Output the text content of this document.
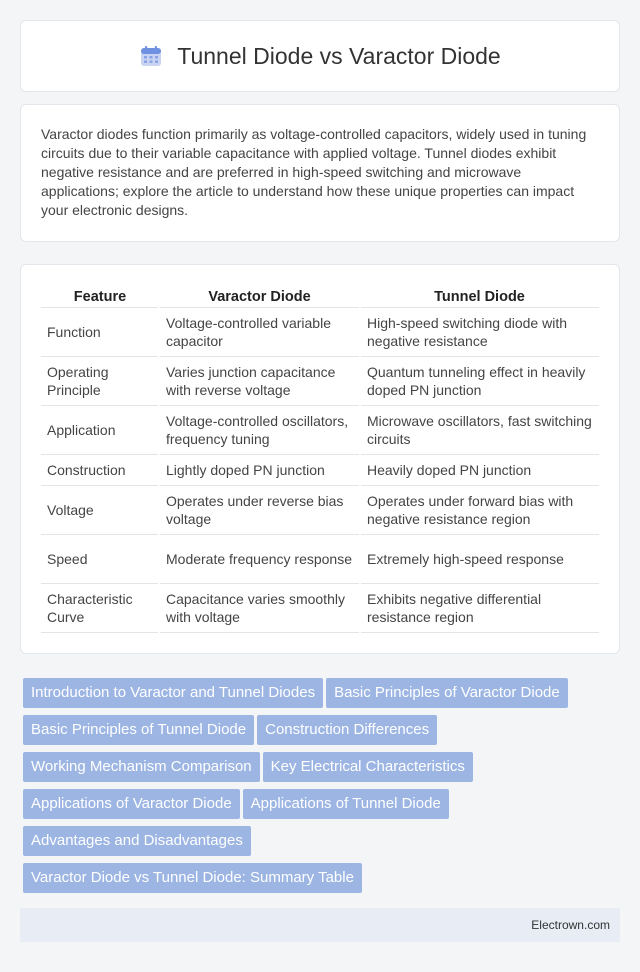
Tunnel Diode vs Varactor Diode

Varactor diodes function primarily as voltage-controlled capacitors, widely used in tuning circuits due to their variable capacitance with applied voltage. Tunnel diodes exhibit negative resistance and are preferred in high-speed switching and microwave applications; explore the article to understand how these unique properties can impact your electronic designs.

Feature	Varactor Diode	Tunnel Diode
Function	Voltage-controlled variable capacitor	High-speed switching diode with negative resistance
Operating Principle	Varies junction capacitance with reverse voltage	Quantum tunneling effect in heavily doped PN junction
Application	Voltage-controlled oscillators, frequency tuning	Microwave oscillators, fast switching circuits
Construction	Lightly doped PN junction	Heavily doped PN junction
Voltage	Operates under reverse bias voltage	Operates under forward bias with negative resistance region
Speed	Moderate frequency response	Extremely high-speed response
Characteristic Curve	Capacitance varies smoothly with voltage	Exhibits negative differential resistance region
Introduction to Varactor and Tunnel Diodes Basic Principles of Varactor Diode
Basic Principles of Tunnel Diode Construction Differences
Working Mechanism Comparison Key Electrical Characteristics
Applications of Varactor Diode Applications of Tunnel Diode
Advantages and Disadvantages
Varactor Diode vs Tunnel Diode: Summary Table
Electrown.com
